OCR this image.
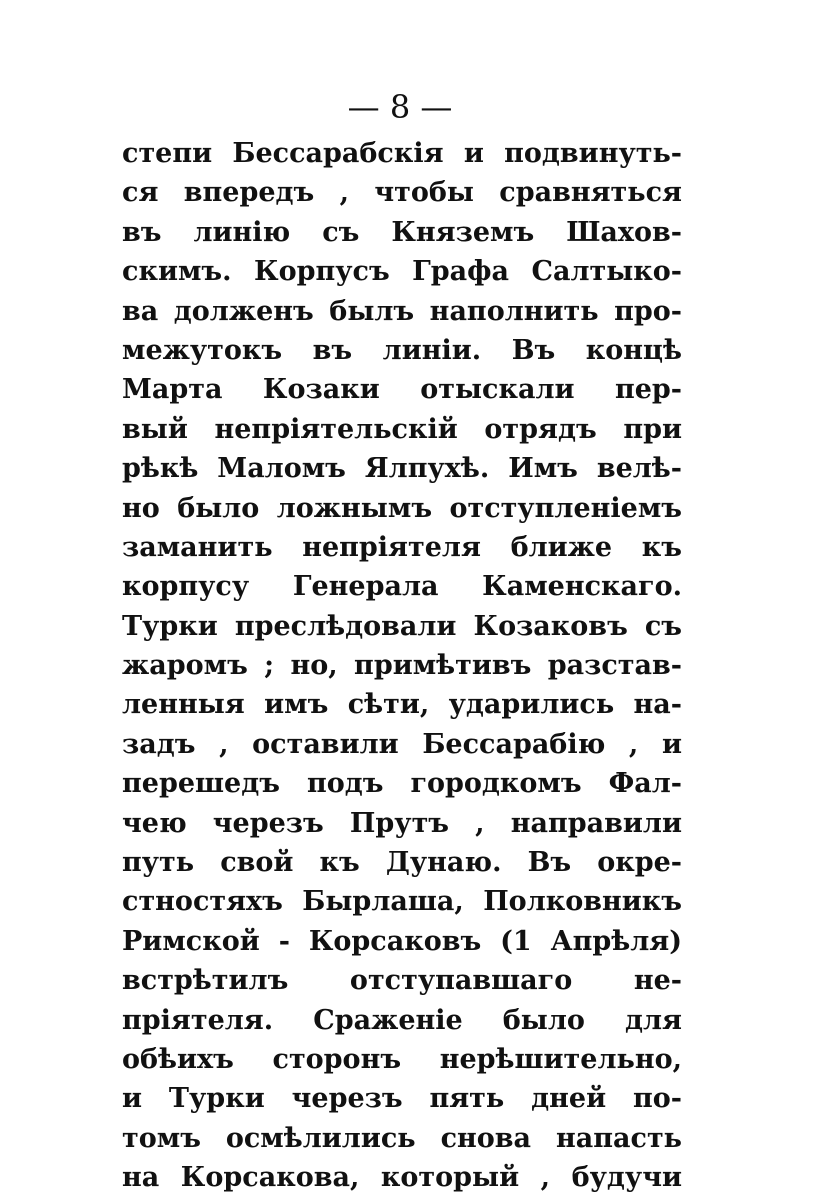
— 8 —
степи Бессарабскія и подвинуть-
ся впередъ , чтобы сравняться
въ линію съ Княземъ Шахов-
скимъ. Корпусъ Графа Салтыко-
ва долженъ былъ наполнить про-
межутокъ въ линіи. Въ концѣ
Марта Козаки отыскали пер-
вый непріятельскій отрядъ при
рѣкѣ Маломъ Ялпухѣ. Имъ велѣ-
но было ложнымъ отступленіемъ
заманить непріятеля ближе къ
корпусу Генерала Каменскаго.
Турки преслѣдовали Козаковъ съ
жаромъ ; но, примѣтивъ разстав-
ленныя имъ сѣти, ударились на-
задъ , оставили Бессарабію , и
перешедъ подъ городкомъ Фал-
чею черезъ Прутъ , направили
путь свой къ Дунаю. Въ окре-
стностяхъ Бырлаша, Полковникъ
Римской - Корсаковъ (1 Апрѣля)
встрѣтилъ отступавшаго не-
пріятеля. Сраженіе было для
обѣихъ сторонъ нерѣшительно,
и Турки черезъ пять дней по-
томъ осмѣлились снова напасть
на Корсакова, который , будучи
